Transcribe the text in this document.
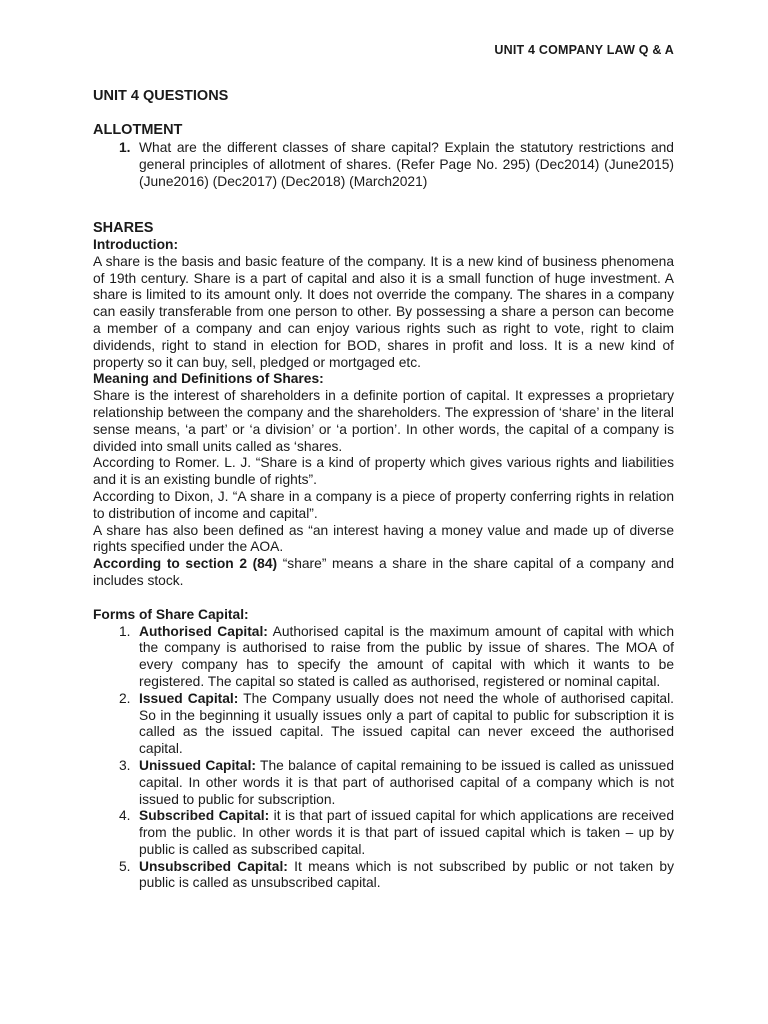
UNIT 4 COMPANY LAW Q & A
UNIT 4 QUESTIONS
ALLOTMENT
1. What are the different classes of share capital? Explain the statutory restrictions and general principles of allotment of shares. (Refer Page No. 295) (Dec2014) (June2015) (June2016) (Dec2017) (Dec2018) (March2021)
SHARES
Introduction:

A share is the basis and basic feature of the company. It is a new kind of business phenomena of 19th century. Share is a part of capital and also it is a small function of huge investment. A share is limited to its amount only. It does not override the company. The shares in a company can easily transferable from one person to other. By possessing a share a person can become a member of a company and can enjoy various rights such as right to vote, right to claim dividends, right to stand in election for BOD, shares in profit and loss. It is a new kind of property so it can buy, sell, pledged or mortgaged etc.

Meaning and Definitions of Shares:

Share is the interest of shareholders in a definite portion of capital. It expresses a proprietary relationship between the company and the shareholders. The expression of ‘share’ in the literal sense means, ‘a part’ or ‘a division’ or ‘a portion’. In other words, the capital of a company is divided into small units called as ‘shares.

According to Romer. L. J. “Share is a kind of property which gives various rights and liabilities and it is an existing bundle of rights”.

According to Dixon, J. “A share in a company is a piece of property conferring rights in relation to distribution of income and capital”.

A share has also been defined as “an interest having a money value and made up of diverse rights specified under the AOA.

According to section 2 (84) “share” means a share in the share capital of a company and includes stock.

Forms of Share Capital:
1. Authorised Capital: Authorised capital is the maximum amount of capital with which the company is authorised to raise from the public by issue of shares. The MOA of every company has to specify the amount of capital with which it wants to be registered. The capital so stated is called as authorised, registered or nominal capital.
2. Issued Capital: The Company usually does not need the whole of authorised capital. So in the beginning it usually issues only a part of capital to public for subscription it is called as the issued capital. The issued capital can never exceed the authorised capital.
3. Unissued Capital: The balance of capital remaining to be issued is called as unissued capital. In other words it is that part of authorised capital of a company which is not issued to public for subscription.
4. Subscribed Capital: it is that part of issued capital for which applications are received from the public. In other words it is that part of issued capital which is taken – up by public is called as subscribed capital.
5. Unsubscribed Capital: It means which is not subscribed by public or not taken by public is called as unsubscribed capital.
